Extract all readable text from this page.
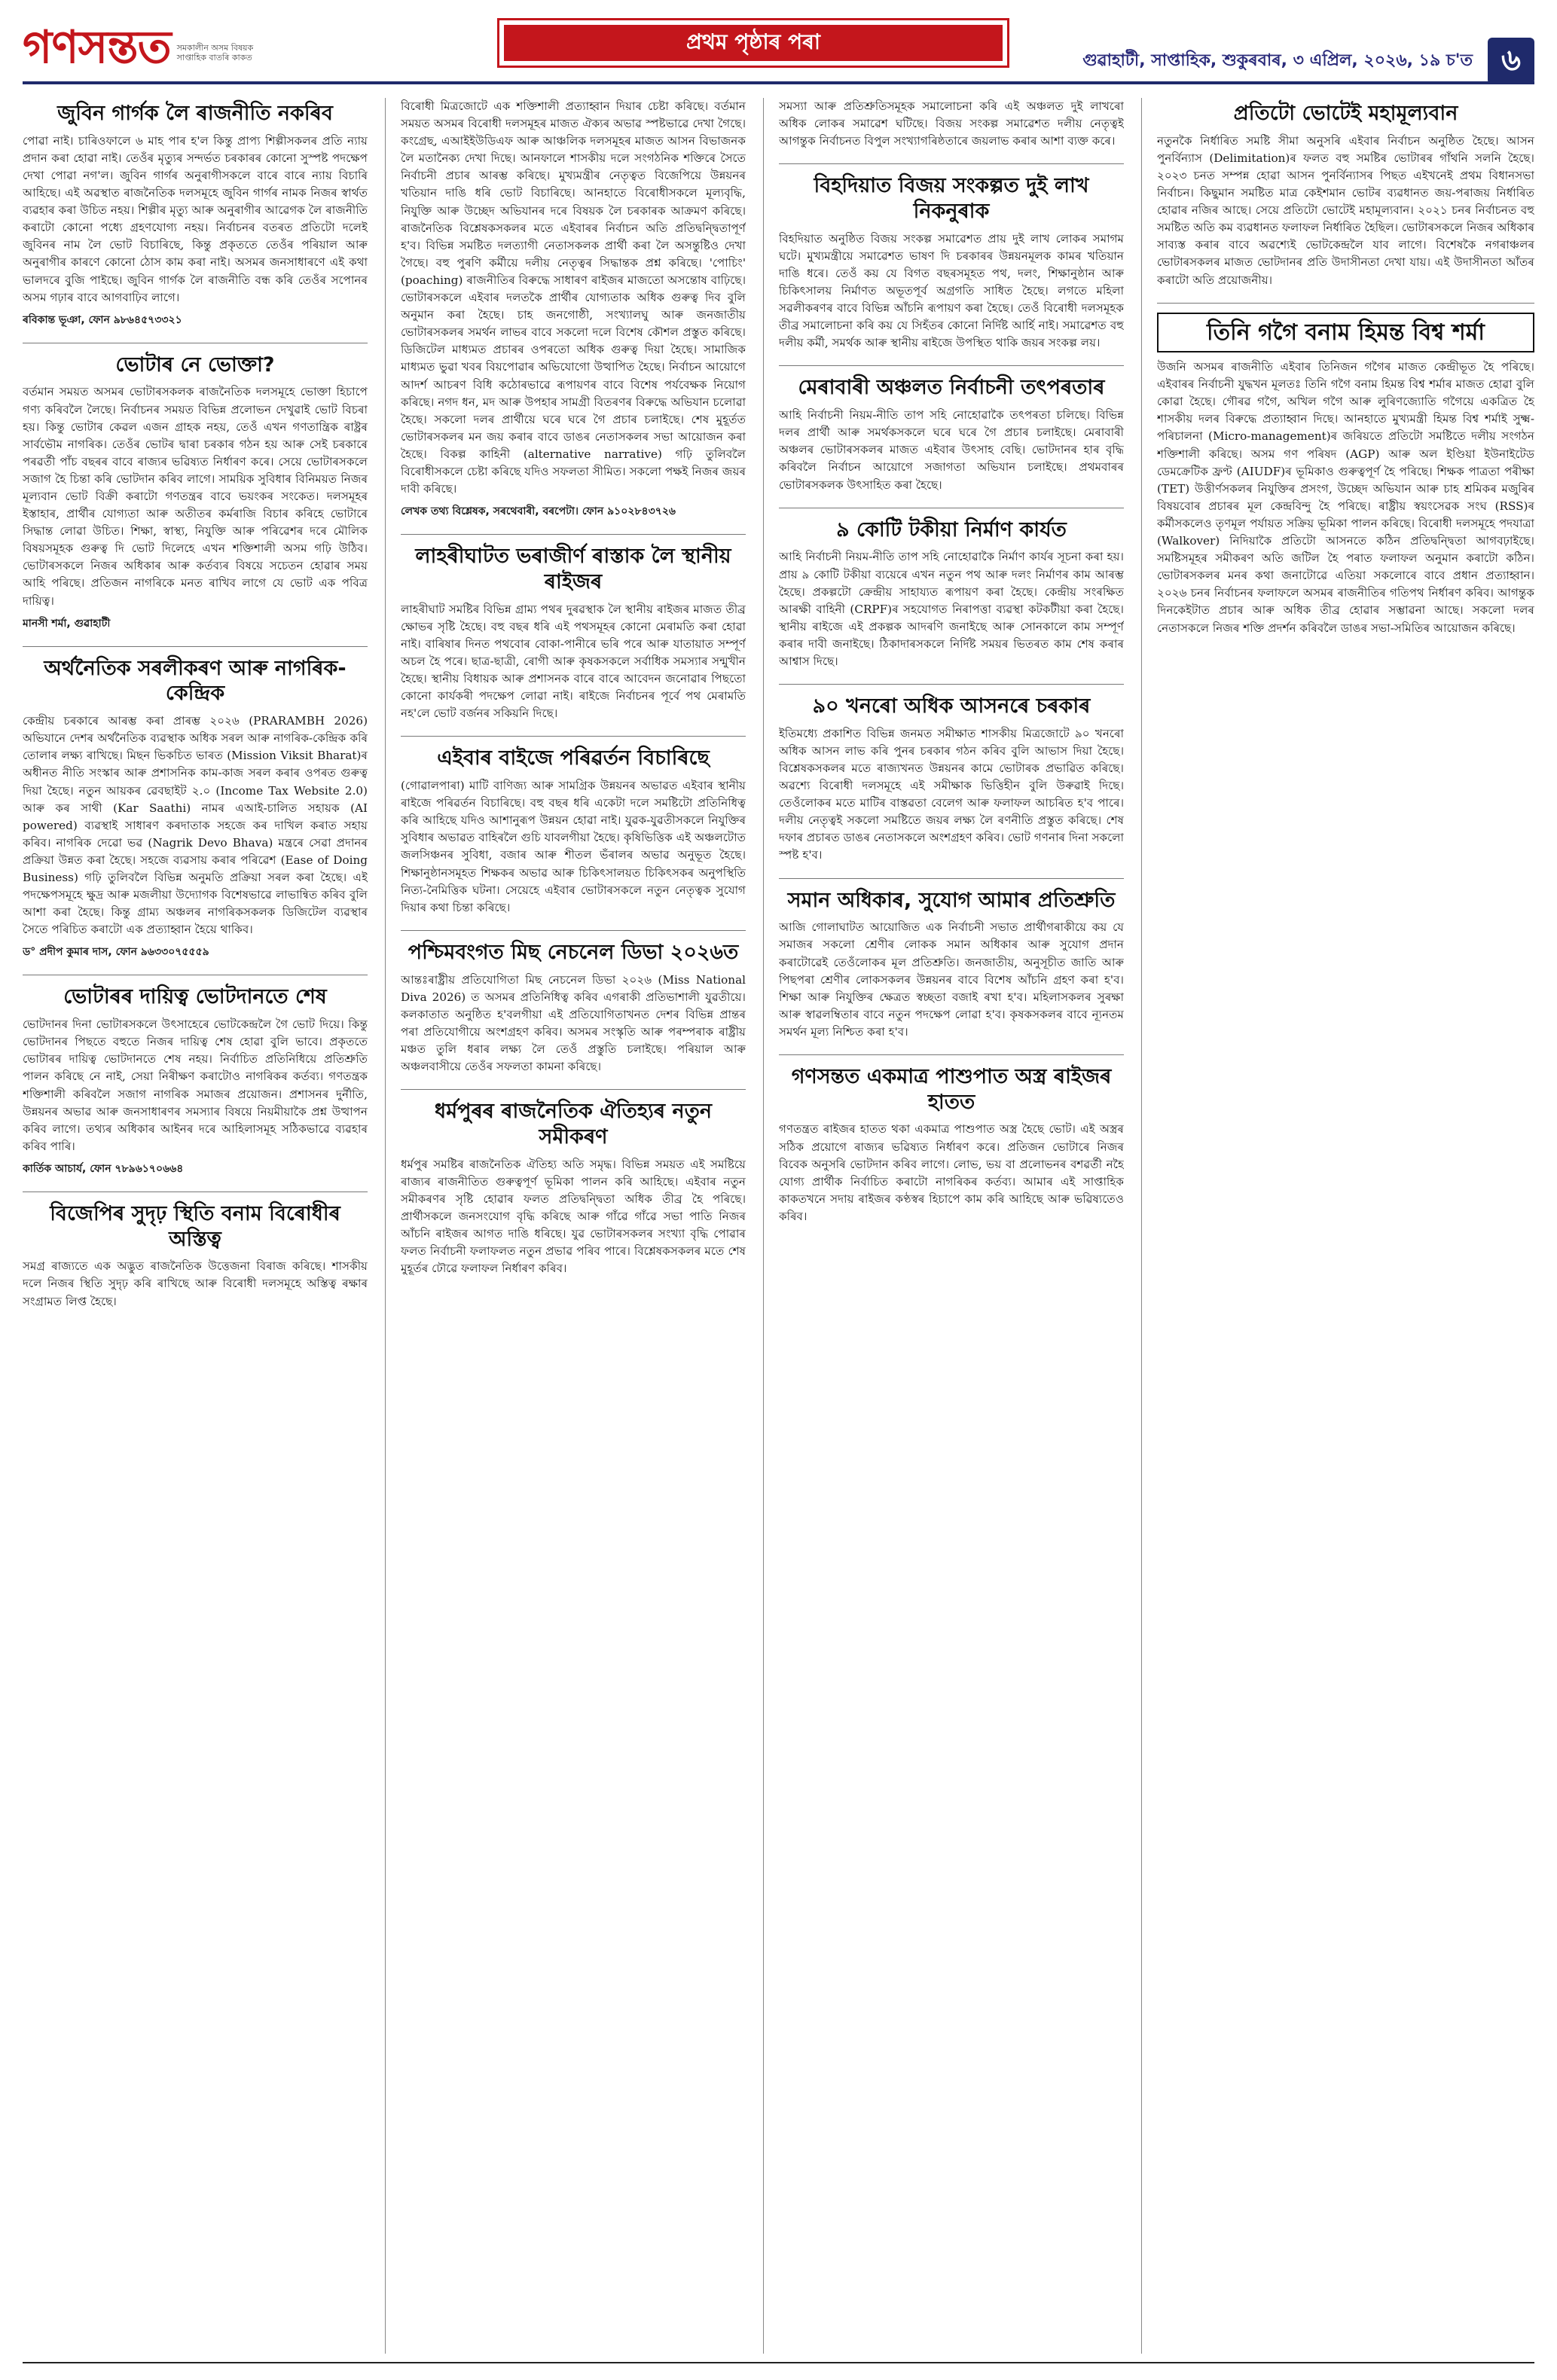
গণসন্তত সমকালীন অসম বিষয়ক সাপ্তাহিক বাতৰি কাকত
প্ৰথম পৃষ্ঠাৰ পৰা
গুৱাহাটী, সাপ্তাহিক, শুকুৰবাৰ, ৩ এপ্ৰিল, ২০২৬, ১৯ চ'ত ৬
জুবিন গাৰ্গক লৈ ৰাজনীতি নকৰিব

পোৱা নাই। চাৰিওফালে ৬ মাহ পাৰ হ'ল কিন্তু প্ৰাপ্য শিল্পীসকলৰ প্ৰতি ন্যায় প্ৰদান কৰা হোৱা নাই। তেওঁৰ মৃত্যুৰ সন্দৰ্ভত চৰকাৰৰ কোনো সুস্পষ্ট পদক্ষেপ দেখা পোৱা নগ'ল। জুবিন গাৰ্গৰ অনুৰাগীসকলে বাৰে বাৰে ন্যায় বিচাৰি আহিছে। এই অৱস্থাত ৰাজনৈতিক দলসমূহে জুবিন গাৰ্গৰ নামক নিজৰ স্বাৰ্থত ব্যৱহাৰ কৰা উচিত নহয়। শিল্পীৰ মৃত্যু আৰু অনুৰাগীৰ আৱেগক লৈ ৰাজনীতি কৰাটো কোনো পধ্যে গ্ৰহণযোগ্য নহয়। নিৰ্বাচনৰ বতৰত প্ৰতিটো দলেই জুবিনৰ নাম লৈ ভোট বিচাৰিছে, কিন্তু প্ৰকৃততে তেওঁৰ পৰিয়াল আৰু অনুৰাগীৰ কাৰণে কোনো ঠোস কাম কৰা নাই। অসমৰ জনসাধাৰণে এই কথা ভালদৰে বুজি পাইছে। জুবিন গাৰ্গক লৈ ৰাজনীতি বন্ধ কৰি তেওঁৰ সপোনৰ অসম গঢ়াৰ বাবে আগবাঢ়িব লাগে।

ৰবিকান্ত ভূঞা, ফোন ৯৮৬৪৫৭৩৩২১

ভোটাৰ নে ভোক্তা?

বৰ্তমান সময়ত অসমৰ ভোটাৰসকলক ৰাজনৈতিক দলসমূহে ভোক্তা হিচাপে গণ্য কৰিবলৈ লৈছে। নিৰ্বাচনৰ সময়ত বিভিন্ন প্ৰলোভন দেখুৱাই ভোট বিচৰা হয়। কিন্তু ভোটাৰ কেৱল এজন গ্ৰাহক নহয়, তেওঁ এখন গণতান্ত্ৰিক ৰাষ্ট্ৰৰ সাৰ্বভৌম নাগৰিক। তেওঁৰ ভোটৰ দ্বাৰা চৰকাৰ গঠন হয় আৰু সেই চৰকাৰে পৰৱৰ্তী পাঁচ বছৰৰ বাবে ৰাজ্যৰ ভৱিষ্যত নিৰ্ধাৰণ কৰে। সেয়ে ভোটাৰসকলে সজাগ হৈ চিন্তা কৰি ভোটদান কৰিব লাগে। সাময়িক সুবিধাৰ বিনিময়ত নিজৰ মূল্যবান ভোট বিক্ৰী কৰাটো গণতন্ত্ৰৰ বাবে ভয়ংকৰ সংকেত। দলসমূহৰ ইস্তাহাৰ, প্ৰাৰ্থীৰ যোগ্যতা আৰু অতীতৰ কৰ্মৰাজি বিচাৰ কৰিহে ভোটাৰে সিদ্ধান্ত লোৱা উচিত। শিক্ষা, স্বাস্থ্য, নিযুক্তি আৰু পৰিৱেশৰ দৰে মৌলিক বিষয়সমূহক গুৰুত্ব দি ভোট দিলেহে এখন শক্তিশালী অসম গঢ়ি উঠিব। ভোটাৰসকলে নিজৰ অধিকাৰ আৰু কৰ্তব্যৰ বিষয়ে সচেতন হোৱাৰ সময় আহি পৰিছে। প্ৰতিজন নাগৰিকে মনত ৰাখিব লাগে যে ভোট এক পবিত্ৰ দায়িত্ব।

মানসী শৰ্মা, গুৱাহাটী

অৰ্থনৈতিক সৰলীকৰণ আৰু নাগৰিক-কেন্দ্ৰিক

কেন্দ্ৰীয় চৰকাৰে আৰম্ভ কৰা প্ৰাৰম্ভ ২০২৬ (PRARAMBH 2026) অভিযানে দেশৰ অৰ্থনৈতিক ব্যৱস্থাক অধিক সৰল আৰু নাগৰিক-কেন্দ্ৰিক কৰি তোলাৰ লক্ষ্য ৰাখিছে। মিছন ভিকচিত ভাৰত (Mission Viksit Bharat)ৰ অধীনত নীতি সংস্কাৰ আৰু প্ৰশাসনিক কাম-কাজ সৰল কৰাৰ ওপৰত গুৰুত্ব দিয়া হৈছে। নতুন আয়কৰ ৱেবছাইট ২.০ (Income Tax Website 2.0) আৰু কৰ সাথী (Kar Saathi) নামৰ এআই-চালিত সহায়ক (AI powered) ব্যৱস্থাই সাধাৰণ কৰদাতাক সহজে কৰ দাখিল কৰাত সহায় কৰিব। নাগৰিক দেৱো ভৱ (Nagrik Devo Bhava) মন্ত্ৰৰে সেৱা প্ৰদানৰ প্ৰক্ৰিয়া উন্নত কৰা হৈছে। সহজে ব্যৱসায় কৰাৰ পৰিৱেশ (Ease of Doing Business) গঢ়ি তুলিবলৈ বিভিন্ন অনুমতি প্ৰক্ৰিয়া সৰল কৰা হৈছে। এই পদক্ষেপসমূহে ক্ষুদ্ৰ আৰু মজলীয়া উদ্যোগক বিশেষভাৱে লাভান্বিত কৰিব বুলি আশা কৰা হৈছে। কিন্তু গ্ৰাম্য অঞ্চলৰ নাগৰিকসকলক ডিজিটেল ব্যৱস্থাৰ সৈতে পৰিচিত কৰাটো এক প্ৰত্যাহ্বান হৈয়ে থাকিব।

ড° প্ৰদীপ কুমাৰ দাস, ফোন ৯৬৩৩০৭৫৫৫৯

ভোটাৰৰ দায়িত্ব ভোটদানতে শেষ

ভোটদানৰ দিনা ভোটাৰসকলে উৎসাহেৰে ভোটকেন্দ্ৰলৈ গৈ ভোট দিয়ে। কিন্তু ভোটদানৰ পিছতে বহুতে নিজৰ দায়িত্ব শেষ হোৱা বুলি ভাবে। প্ৰকৃততে ভোটাৰৰ দায়িত্ব ভোটদানতে শেষ নহয়। নিৰ্বাচিত প্ৰতিনিধিয়ে প্ৰতিশ্ৰুতি পালন কৰিছে নে নাই, সেয়া নিৰীক্ষণ কৰাটোও নাগৰিকৰ কৰ্তব্য। গণতন্ত্ৰক শক্তিশালী কৰিবলৈ সজাগ নাগৰিক সমাজৰ প্ৰয়োজন। প্ৰশাসনৰ দুৰ্নীতি, উন্নয়নৰ অভাৱ আৰু জনসাধাৰণৰ সমস্যাৰ বিষয়ে নিয়মীয়াকৈ প্ৰশ্ন উত্থাপন কৰিব লাগে। তথ্যৰ অধিকাৰ আইনৰ দৰে আহিলাসমূহ সঠিকভাৱে ব্যৱহাৰ কৰিব পাৰি।

কাৰ্তিক আচাৰ্য, ফোন ৭৮৯৬১৭০৬৬৪

বিজেপিৰ সুদৃঢ় স্থিতি বনাম বিৰোধীৰ অস্তিত্ব

সমগ্ৰ ৰাজ্যতে এক অদ্ভুত ৰাজনৈতিক উত্তেজনা বিৰাজ কৰিছে। শাসকীয় দলে নিজৰ স্থিতি সুদৃঢ় কৰি ৰাখিছে আৰু বিৰোধী দলসমূহে অস্তিত্ব ৰক্ষাৰ সংগ্ৰামত লিপ্ত হৈছে।

বিৰোধী মিত্ৰজোটে এক শক্তিশালী প্ৰত্যাহ্বান দিয়াৰ চেষ্টা কৰিছে। বৰ্তমান সময়ত অসমৰ বিৰোধী দলসমূহৰ মাজত ঐক্যৰ অভাৱ স্পষ্টভাৱে দেখা গৈছে। কংগ্ৰেছ, এআইইউডিএফ আৰু আঞ্চলিক দলসমূহৰ মাজত আসন বিভাজনক লৈ মতানৈক্য দেখা দিছে। আনফালে শাসকীয় দলে সংগঠনিক শক্তিৰে সৈতে নিৰ্বাচনী প্ৰচাৰ আৰম্ভ কৰিছে। মুখ্যমন্ত্ৰীৰ নেতৃত্বত বিজেপিয়ে উন্নয়নৰ খতিয়ান দাঙি ধৰি ভোট বিচাৰিছে। আনহাতে বিৰোধীসকলে মূল্যবৃদ্ধি, নিযুক্তি আৰু উচ্ছেদ অভিযানৰ দৰে বিষয়ক লৈ চৰকাৰক আক্ৰমণ কৰিছে। ৰাজনৈতিক বিশ্লেষকসকলৰ মতে এইবাৰৰ নিৰ্বাচন অতি প্ৰতিদ্বন্দ্বিতাপূৰ্ণ হ'ব। বিভিন্ন সমষ্টিত দলত্যাগী নেতাসকলক প্ৰাৰ্থী কৰা লৈ অসন্তুষ্টিও দেখা গৈছে। বহু পুৰণি কৰ্মীয়ে দলীয় নেতৃত্বৰ সিদ্ধান্তক প্ৰশ্ন কৰিছে। 'পোচিং' (poaching) ৰাজনীতিৰ বিৰুদ্ধে সাধাৰণ ৰাইজৰ মাজতো অসন্তোষ বাঢ়িছে। ভোটাৰসকলে এইবাৰ দলতকৈ প্ৰাৰ্থীৰ যোগ্যতাক অধিক গুৰুত্ব দিব বুলি অনুমান কৰা হৈছে। চাহ জনগোষ্ঠী, সংখ্যালঘু আৰু জনজাতীয় ভোটাৰসকলৰ সমৰ্থন লাভৰ বাবে সকলো দলে বিশেষ কৌশল প্ৰস্তুত কৰিছে। ডিজিটেল মাধ্যমত প্ৰচাৰৰ ওপৰতো অধিক গুৰুত্ব দিয়া হৈছে। সামাজিক মাধ্যমত ভুৱা খবৰ বিয়পোৱাৰ অভিযোগো উত্থাপিত হৈছে। নিৰ্বাচন আয়োগে আদৰ্শ আচৰণ বিধি কঠোৰভাৱে ৰূপায়ণৰ বাবে বিশেষ পৰ্যবেক্ষক নিয়োগ কৰিছে। নগদ ধন, মদ আৰু উপহাৰ সামগ্ৰী বিতৰণৰ বিৰুদ্ধে অভিযান চলোৱা হৈছে। সকলো দলৰ প্ৰাৰ্থীয়ে ঘৰে ঘৰে গৈ প্ৰচাৰ চলাইছে। শেষ মুহূৰ্তত ভোটাৰসকলৰ মন জয় কৰাৰ বাবে ডাঙৰ নেতাসকলৰ সভা আয়োজন কৰা হৈছে। বিকল্প কাহিনী (alternative narrative) গঢ়ি তুলিবলৈ বিৰোধীসকলে চেষ্টা কৰিছে যদিও সফলতা সীমিত। সকলো পক্ষই নিজৰ জয়ৰ দাবী কৰিছে।

লেখক তথ্য বিশ্লেষক, সৰথেবাৰী, বৰপেটা। ফোন ৯১০২৮৪৩৭২৬

লাহৰীঘাটত ভৰাজীৰ্ণ ৰাস্তাক লৈ স্থানীয় ৰাইজৰ

লাহৰীঘাট সমষ্টিৰ বিভিন্ন গ্ৰাম্য পথৰ দুৰৱস্থাক লৈ স্থানীয় ৰাইজৰ মাজত তীব্ৰ ক্ষোভৰ সৃষ্টি হৈছে। বহু বছৰ ধৰি এই পথসমূহৰ কোনো মেৰামতি কৰা হোৱা নাই। বাৰিষাৰ দিনত পথবোৰ বোকা-পানীৰে ভৰি পৰে আৰু যাতায়াত সম্পূৰ্ণ অচল হৈ পৰে। ছাত্ৰ-ছাত্ৰী, ৰোগী আৰু কৃষকসকলে সৰ্বাধিক সমস্যাৰ সন্মুখীন হৈছে। স্থানীয় বিধায়ক আৰু প্ৰশাসনক বাৰে বাৰে আবেদন জনোৱাৰ পিছতো কোনো কাৰ্যকৰী পদক্ষেপ লোৱা নাই। ৰাইজে নিৰ্বাচনৰ পূৰ্বে পথ মেৰামতি নহ'লে ভোট বৰ্জনৰ সকিয়নি দিছে।

এইবাৰ বাইজে পৰিৱৰ্তন বিচাৰিছে

(গোৱালপাৰা) মাটি বাণিজ্য আৰু সামগ্ৰিক উন্নয়নৰ অভাৱত এইবাৰ স্থানীয় ৰাইজে পৰিৱৰ্তন বিচাৰিছে। বহু বছৰ ধৰি একেটা দলে সমষ্টিটো প্ৰতিনিধিত্ব কৰি আহিছে যদিও আশানুৰূপ উন্নয়ন হোৱা নাই। যুৱক-যুৱতীসকলে নিযুক্তিৰ সুবিধাৰ অভাৱত বাহিৰলৈ গুচি যাবলগীয়া হৈছে। কৃষিভিত্তিক এই অঞ্চলটোত জলসিঞ্চনৰ সুবিধা, বজাৰ আৰু শীতল ভঁৰালৰ অভাৱ অনুভূত হৈছে। শিক্ষানুষ্ঠানসমূহত শিক্ষকৰ অভাৱ আৰু চিকিৎসালয়ত চিকিৎসকৰ অনুপস্থিতি নিত্য-নৈমিত্তিক ঘটনা। সেয়েহে এইবাৰ ভোটাৰসকলে নতুন নেতৃত্বক সুযোগ দিয়াৰ কথা চিন্তা কৰিছে।

পশ্চিমবংগত মিছ নেচনেল ডিভা ২০২৬ত

আন্তঃৰাষ্ট্ৰীয় প্ৰতিযোগিতা মিছ নেচনেল ডিভা ২০২৬ (Miss National Diva 2026) ত অসমৰ প্ৰতিনিধিত্ব কৰিব এগৰাকী প্ৰতিভাশালী যুৱতীয়ে। কলকাতাত অনুষ্ঠিত হ'বলগীয়া এই প্ৰতিযোগিতাখনত দেশৰ বিভিন্ন প্ৰান্তৰ পৰা প্ৰতিযোগীয়ে অংশগ্ৰহণ কৰিব। অসমৰ সংস্কৃতি আৰু পৰম্পৰাক ৰাষ্ট্ৰীয় মঞ্চত তুলি ধৰাৰ লক্ষ্য লৈ তেওঁ প্ৰস্তুতি চলাইছে। পৰিয়াল আৰু অঞ্চলবাসীয়ে তেওঁৰ সফলতা কামনা কৰিছে।

ধৰ্মপুৰৰ ৰাজনৈতিক ঐতিহ্যৰ নতুন সমীকৰণ

ধৰ্মপুৰ সমষ্টিৰ ৰাজনৈতিক ঐতিহ্য অতি সমৃদ্ধ। বিভিন্ন সময়ত এই সমষ্টিয়ে ৰাজ্যৰ ৰাজনীতিত গুৰুত্বপূৰ্ণ ভূমিকা পালন কৰি আহিছে। এইবাৰ নতুন সমীকৰণৰ সৃষ্টি হোৱাৰ ফলত প্ৰতিদ্বন্দ্বিতা অধিক তীব্ৰ হৈ পৰিছে। প্ৰাৰ্থীসকলে জনসংযোগ বৃদ্ধি কৰিছে আৰু গাঁৱে গাঁৱে সভা পাতি নিজৰ আঁচনি ৰাইজৰ আগত দাঙি ধৰিছে। যুৱ ভোটাৰসকলৰ সংখ্যা বৃদ্ধি পোৱাৰ ফলত নিৰ্বাচনী ফলাফলত নতুন প্ৰভাৱ পৰিব পাৰে। বিশ্লেষকসকলৰ মতে শেষ মুহূৰ্তৰ ঢৌৱে ফলাফল নিৰ্ধাৰণ কৰিব।

সমস্যা আৰু প্ৰতিশ্ৰুতিসমূহক সমালোচনা কৰি এই অঞ্চলত দুই লাখৰো অধিক লোকৰ সমাৱেশ ঘটিছে। বিজয় সংকল্প সমাৱেশত দলীয় নেতৃত্বই আগন্তুক নিৰ্বাচনত বিপুল সংখ্যাগৰিষ্ঠতাৰে জয়লাভ কৰাৰ আশা ব্যক্ত কৰে।

বিহদিয়াত বিজয় সংকল্পত দুই লাখ নিকনুৰাক

বিহদিয়াত অনুষ্ঠিত বিজয় সংকল্প সমাৱেশত প্ৰায় দুই লাখ লোকৰ সমাগম ঘটে। মুখ্যমন্ত্ৰীয়ে সমাৱেশত ভাষণ দি চৰকাৰৰ উন্নয়নমূলক কামৰ খতিয়ান দাঙি ধৰে। তেওঁ কয় যে বিগত বছৰসমূহত পথ, দলং, শিক্ষানুষ্ঠান আৰু চিকিৎসালয় নিৰ্মাণত অভূতপূৰ্ব অগ্ৰগতি সাধিত হৈছে। লগতে মহিলা সৱলীকৰণৰ বাবে বিভিন্ন আঁচনি ৰূপায়ণ কৰা হৈছে। তেওঁ বিৰোধী দলসমূহক তীব্ৰ সমালোচনা কৰি কয় যে সিহঁতৰ কোনো নিৰ্দিষ্ট আৰ্হি নাই। সমাৱেশত বহু দলীয় কৰ্মী, সমৰ্থক আৰু স্থানীয় ৰাইজে উপস্থিত থাকি জয়ৰ সংকল্প লয়।

মেৰাবাৰী অঞ্চলত নিৰ্বাচনী তৎপৰতাৰ

আহি নিৰ্বাচনী নিয়ম-নীতি তাপ সহি নোহোৱাকৈ তৎপৰতা চলিছে। বিভিন্ন দলৰ প্ৰাৰ্থী আৰু সমৰ্থকসকলে ঘৰে ঘৰে গৈ প্ৰচাৰ চলাইছে। মেৰাবাৰী অঞ্চলৰ ভোটাৰসকলৰ মাজত এইবাৰ উৎসাহ বেছি। ভোটদানৰ হাৰ বৃদ্ধি কৰিবলৈ নিৰ্বাচন আয়োগে সজাগতা অভিযান চলাইছে। প্ৰথমবাৰৰ ভোটাৰসকলক উৎসাহিত কৰা হৈছে।

৯ কোটি টকীয়া নিৰ্মাণ কাৰ্যত

আহি নিৰ্বাচনী নিয়ম-নীতি তাপ সহি নোহোৱাকৈ নিৰ্মাণ কাৰ্যৰ সূচনা কৰা হয়। প্ৰায় ৯ কোটি টকীয়া ব্যয়েৰে এখন নতুন পথ আৰু দলং নিৰ্মাণৰ কাম আৰম্ভ হৈছে। প্ৰকল্পটো ক্ৰেন্দ্ৰীয় সাহায্যত ৰূপায়ণ কৰা হৈছে। কেন্দ্ৰীয় সংৰক্ষিত আৰক্ষী বাহিনী (CRPF)ৰ সহযোগত নিৰাপত্তা ব্যৱস্থা কটকটীয়া কৰা হৈছে। স্থানীয় ৰাইজে এই প্ৰকল্পক আদৰণি জনাইছে আৰু সোনকালে কাম সম্পূৰ্ণ কৰাৰ দাবী জনাইছে। ঠিকাদাৰসকলে নিৰ্দিষ্ট সময়ৰ ভিতৰত কাম শেষ কৰাৰ আশ্বাস দিছে।

৯০ খনৰো অধিক আসনৰে চৰকাৰ

ইতিমধ্যে প্ৰকাশিত বিভিন্ন জনমত সমীক্ষাত শাসকীয় মিত্ৰজোটে ৯০ খনৰো অধিক আসন লাভ কৰি পুনৰ চৰকাৰ গঠন কৰিব বুলি আভাস দিয়া হৈছে। বিশ্লেষকসকলৰ মতে ৰাজ্যখনত উন্নয়নৰ কামে ভোটাৰক প্ৰভাৱিত কৰিছে। অৱশ্যে বিৰোধী দলসমূহে এই সমীক্ষাক ভিত্তিহীন বুলি উৰুৱাই দিছে। তেওঁলোকৰ মতে মাটিৰ বাস্তৱতা বেলেগ আৰু ফলাফল আচৰিত হ'ব পাৰে। দলীয় নেতৃত্বই সকলো সমষ্টিতে জয়ৰ লক্ষ্য লৈ ৰণনীতি প্ৰস্তুত কৰিছে। শেষ দফাৰ প্ৰচাৰত ডাঙৰ নেতাসকলে অংশগ্ৰহণ কৰিব। ভোট গণনাৰ দিনা সকলো স্পষ্ট হ'ব।

সমান অধিকাৰ, সুযোগ আমাৰ প্ৰতিশ্ৰুতি

আজি গোলাঘাটত আয়োজিত এক নিৰ্বাচনী সভাত প্ৰাৰ্থীগৰাকীয়ে কয় যে সমাজৰ সকলো শ্ৰেণীৰ লোকক সমান অধিকাৰ আৰু সুযোগ প্ৰদান কৰাটোৱেই তেওঁলোকৰ মূল প্ৰতিশ্ৰুতি। জনজাতীয়, অনুসূচীত জাতি আৰু পিছপৰা শ্ৰেণীৰ লোকসকলৰ উন্নয়নৰ বাবে বিশেষ আঁচনি গ্ৰহণ কৰা হ'ব। শিক্ষা আৰু নিযুক্তিৰ ক্ষেত্ৰত স্বচ্ছতা বজাই ৰখা হ'ব। মহিলাসকলৰ সুৰক্ষা আৰু স্বাৱলম্বিতাৰ বাবে নতুন পদক্ষেপ লোৱা হ'ব। কৃষকসকলৰ বাবে ন্যূনতম সমৰ্থন মূল্য নিশ্চিত কৰা হ'ব।

গণসন্তত একমাত্ৰ পাশুপাত অস্ত্ৰ ৰাইজৰ হাতত

গণতন্ত্ৰত ৰাইজৰ হাতত থকা একমাত্ৰ পাশুপাত অস্ত্ৰ হৈছে ভোট। এই অস্ত্ৰৰ সঠিক প্ৰয়োগে ৰাজ্যৰ ভৱিষ্যত নিৰ্ধাৰণ কৰে। প্ৰতিজন ভোটাৰে নিজৰ বিবেক অনুসৰি ভোটদান কৰিব লাগে। লোভ, ভয় বা প্ৰলোভনৰ বশৱৰ্তী নহৈ যোগ্য প্ৰাৰ্থীক নিৰ্বাচিত কৰাটো নাগৰিকৰ কৰ্তব্য। আমাৰ এই সাপ্তাহিক কাকতখনে সদায় ৰাইজৰ কণ্ঠস্বৰ হিচাপে কাম কৰি আহিছে আৰু ভৱিষ্যতেও কৰিব।

প্ৰতিটো ভোটেই মহামূল্যবান

নতুনকৈ নিৰ্ধাৰিত সমষ্টি সীমা অনুসৰি এইবাৰ নিৰ্বাচন অনুষ্ঠিত হৈছে। আসন পুনৰ্বিন্যাস (Delimitation)ৰ ফলত বহু সমষ্টিৰ ভোটাৰৰ গাঁথনি সলনি হৈছে। ২০২৩ চনত সম্পন্ন হোৱা আসন পুনৰ্বিন্যাসৰ পিছত এইখনেই প্ৰথম বিধানসভা নিৰ্বাচন। কিছুমান সমষ্টিত মাত্ৰ কেইশমান ভোটৰ ব্যৱধানত জয়-পৰাজয় নিৰ্ধাৰিত হোৱাৰ নজিৰ আছে। সেয়ে প্ৰতিটো ভোটেই মহামূল্যবান। ২০২১ চনৰ নিৰ্বাচনত বহু সমষ্টিত অতি কম ব্যৱধানত ফলাফল নিৰ্ধাৰিত হৈছিল। ভোটাৰসকলে নিজৰ অধিকাৰ সাব্যস্ত কৰাৰ বাবে অৱশ্যেই ভোটকেন্দ্ৰলৈ যাব লাগে। বিশেষকৈ নগৰাঞ্চলৰ ভোটাৰসকলৰ মাজত ভোটদানৰ প্ৰতি উদাসীনতা দেখা যায়। এই উদাসীনতা আঁতৰ কৰাটো অতি প্ৰয়োজনীয়।

তিনি গগৈ বনাম হিমন্ত বিশ্ব শৰ্মা

উজনি অসমৰ ৰাজনীতি এইবাৰ তিনিজন গগৈৰ মাজত কেন্দ্ৰীভূত হৈ পৰিছে। এইবাৰৰ নিৰ্বাচনী যুদ্ধখন মূলতঃ তিনি গগৈ বনাম হিমন্ত বিশ্ব শৰ্মাৰ মাজত হোৱা বুলি কোৱা হৈছে। গৌৰৱ গগৈ, অখিল গগৈ আৰু লুৰিণজ্যোতি গগৈয়ে একত্ৰিত হৈ শাসকীয় দলৰ বিৰুদ্ধে প্ৰত্যাহ্বান দিছে। আনহাতে মুখ্যমন্ত্ৰী হিমন্ত বিশ্ব শৰ্মাই সুক্ষ্ম-পৰিচালনা (Micro-management)ৰ জৰিয়তে প্ৰতিটো সমষ্টিতে দলীয় সংগঠন শক্তিশালী কৰিছে। অসম গণ পৰিষদ (AGP) আৰু অল ইণ্ডিয়া ইউনাইটেড ডেমক্ৰেটিক ফ্ৰণ্ট (AIUDF)ৰ ভূমিকাও গুৰুত্বপূৰ্ণ হৈ পৰিছে। শিক্ষক পাত্ৰতা পৰীক্ষা (TET) উত্তীৰ্ণসকলৰ নিযুক্তিৰ প্ৰসংগ, উচ্ছেদ অভিযান আৰু চাহ শ্ৰমিকৰ মজুৰিৰ বিষয়বোৰ প্ৰচাৰৰ মূল কেন্দ্ৰবিন্দু হৈ পৰিছে। ৰাষ্ট্ৰীয় স্বয়ংসেৱক সংঘ (RSS)ৰ কৰ্মীসকলেও তৃণমূল পৰ্যায়ত সক্ৰিয় ভূমিকা পালন কৰিছে। বিৰোধী দলসমূহে পদযাত্ৰা (Walkover) নিদিয়াকৈ প্ৰতিটো আসনতে কঠিন প্ৰতিদ্বন্দ্বিতা আগবঢ়াইছে। সমষ্টিসমূহৰ সমীকৰণ অতি জটিল হৈ পৰাত ফলাফল অনুমান কৰাটো কঠিন। ভোটাৰসকলৰ মনৰ কথা জনাটোৱে এতিয়া সকলোৰে বাবে প্ৰধান প্ৰত্যাহ্বান। ২০২৬ চনৰ নিৰ্বাচনৰ ফলাফলে অসমৰ ৰাজনীতিৰ গতিপথ নিৰ্ধাৰণ কৰিব। আগন্তুক দিনকেইটাত প্ৰচাৰ আৰু অধিক তীব্ৰ হোৱাৰ সম্ভাৱনা আছে। সকলো দলৰ নেতাসকলে নিজৰ শক্তি প্ৰদৰ্শন কৰিবলৈ ডাঙৰ সভা-সমিতিৰ আয়োজন কৰিছে।
